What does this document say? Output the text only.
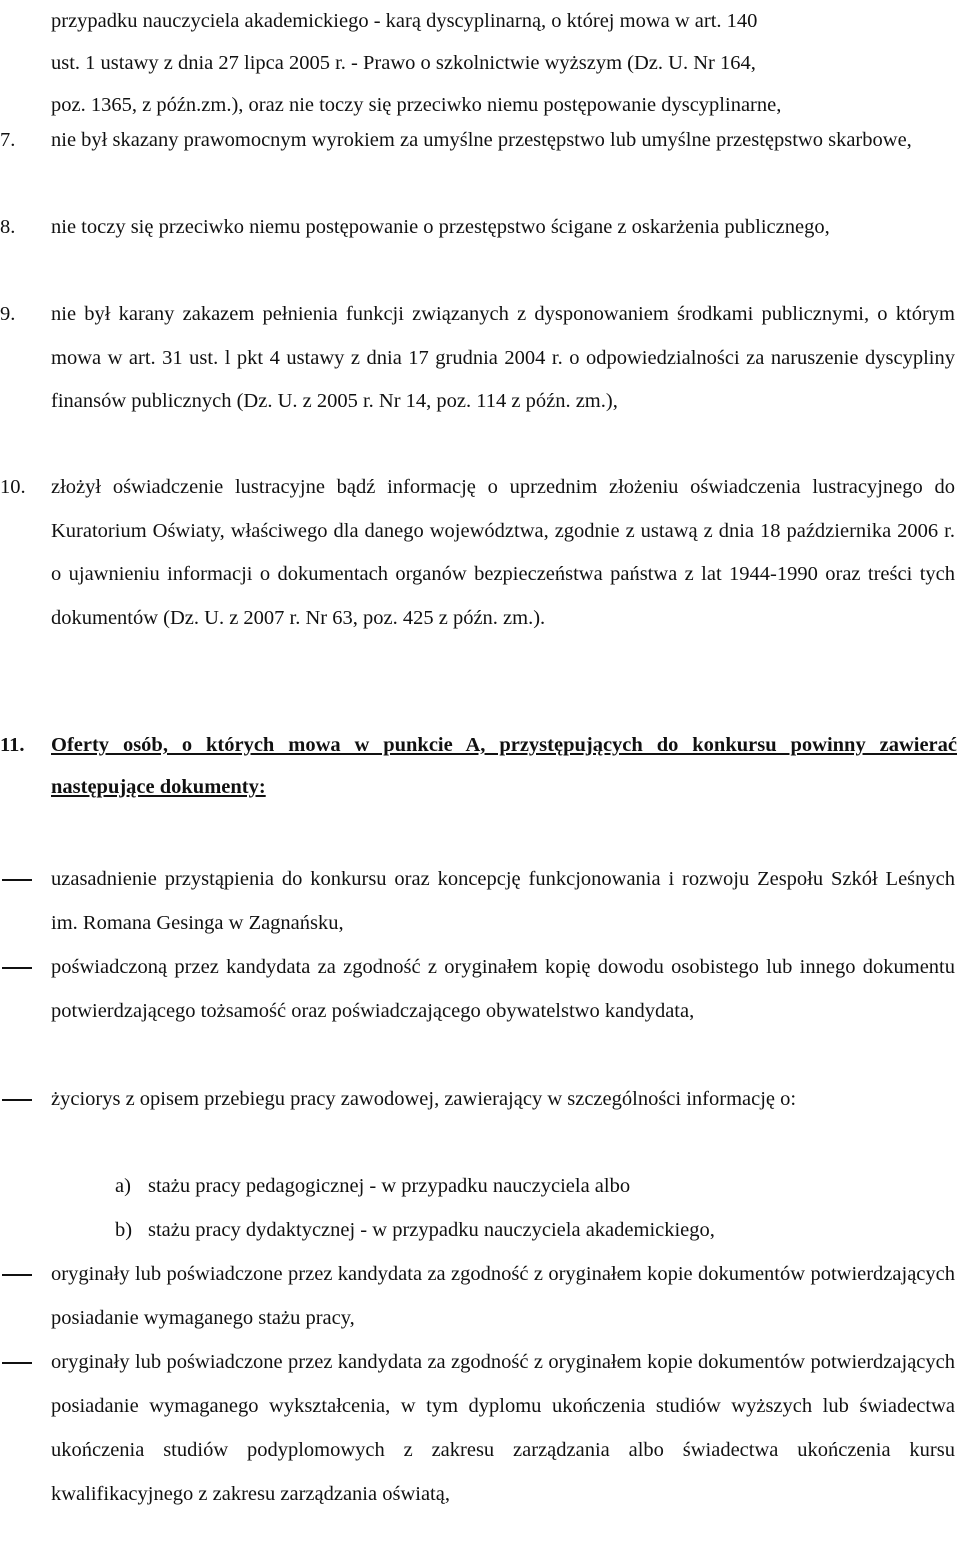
przypadku nauczyciela akademickiego - karą dyscyplinarną, o której mowa w art. 140
ust. 1 ustawy z dnia 27 lipca 2005 r. - Prawo o szkolnictwie wyższym (Dz. U. Nr 164,
poz. 1365, z późn.zm.), oraz nie toczy się przeciwko niemu postępowanie dyscyplinarne,
7.	nie był skazany prawomocnym wyrokiem za umyślne przestępstwo lub umyślne przestępstwo skarbowe,
8.	nie toczy się przeciwko niemu postępowanie o przestępstwo ścigane z oskarżenia publicznego,
9.	nie był karany zakazem pełnienia funkcji związanych z dysponowaniem środkami publicznymi, o którym mowa w art. 31 ust. l pkt 4 ustawy z dnia 17 grudnia 2004 r. o odpowiedzialności za naruszenie dyscypliny finansów publicznych (Dz. U. z 2005 r. Nr 14, poz. 114 z późn. zm.),
10.	złożył oświadczenie lustracyjne bądź informację o uprzednim złożeniu oświadczenia lustracyjnego do Kuratorium Oświaty, właściwego dla danego województwa, zgodnie z ustawą z dnia 18 października 2006 r. o ujawnieniu informacji o dokumentach organów bezpieczeństwa państwa z lat 1944-1990 oraz treści tych dokumentów (Dz. U. z 2007 r. Nr 63, poz. 425 z późn. zm.).
11. Oferty osób, o których mowa w punkcie A, przystępujących do konkursu powinny zawierać następujące dokumenty:
uzasadnienie przystąpienia do konkursu oraz koncepcję funkcjonowania i rozwoju Zespołu Szkół Leśnych im. Romana Gesinga w Zagnańsku,
poświadczoną przez kandydata za zgodność z oryginałem kopię dowodu osobistego lub innego dokumentu potwierdzającego tożsamość oraz poświadczającego obywatelstwo kandydata,
życiorys z opisem przebiegu pracy zawodowej, zawierający w szczególności informację o:
a) stażu pracy pedagogicznej - w przypadku nauczyciela albo
b) stażu pracy dydaktycznej - w przypadku nauczyciela akademickiego,
oryginały lub poświadczone przez kandydata za zgodność z oryginałem kopie dokumentów potwierdzających posiadanie wymaganego stażu pracy,
oryginały lub poświadczone przez kandydata za zgodność z oryginałem kopie dokumentów potwierdzających posiadanie wymaganego wykształcenia, w tym dyplomu ukończenia studiów wyższych lub świadectwa ukończenia studiów podyplomowych z zakresu zarządzania albo świadectwa ukończenia kursu kwalifikacyjnego z zakresu zarządzania oświatą,
